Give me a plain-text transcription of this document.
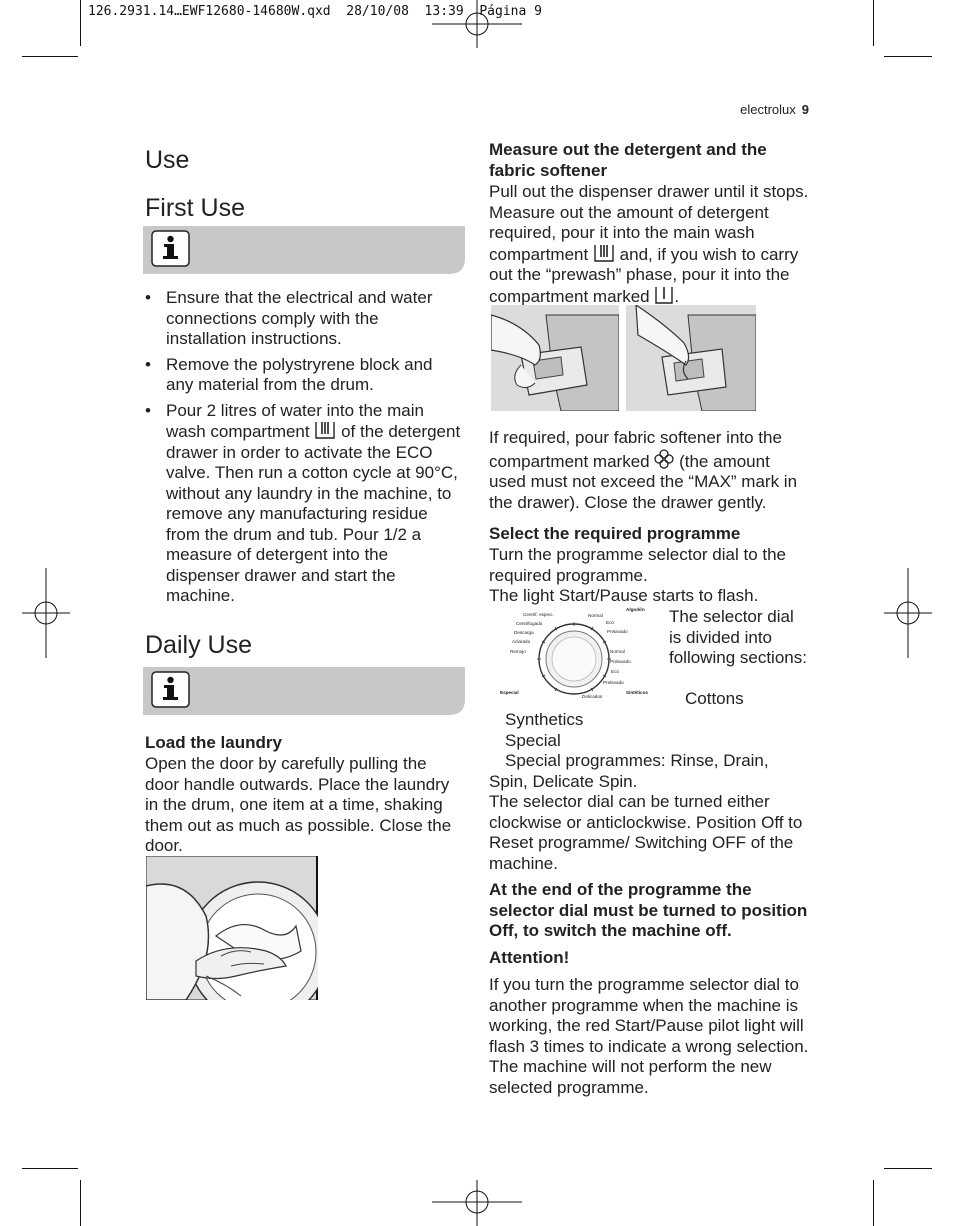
126.2931.14…EWF12680-14680W.qxd  28/10/08  13:39  Página 9
electrolux 9
Use
First Use
• Ensure that the electrical and water connections comply with the installation instructions.
• Remove the polystryrene block and any material from the drum.
• Pour 2 litres of water into the main wash compartment of the detergent drawer in order to activate the ECO valve. Then run a cotton cycle at 90°C, without any laundry in the machine, to remove any manufacturing residue from the drum and tub. Pour 1/2 a measure of detergent into the dispenser drawer and start the machine.
Daily Use
Load the laundry
Open the door by carefully pulling the door handle outwards. Place the laundry in the drum, one item at a time, shaking them out as much as possible. Close the door.
Measure out the detergent and the fabric softener
Pull out the dispenser drawer until it stops. Measure out the amount of detergent required, pour it into the main wash compartment and, if you wish to carry out the “prewash” phase, pour it into the compartment marked .
If required, pour fabric softener into the compartment marked (the amount used must not exceed the “MAX” mark in the drawer). Close the drawer gently.
Select the required programme
Turn the programme selector dial to the required programme.
The light Start/Pause starts to flash.
Centrif. especi.
Centrifugado
Descarga
Aclarado
Remojo
Especial
Algodón
Normal
Eco
Prelavado
Normal
Prelavado
Eco
Prelavado
Sintéticos
Delicados
The selector dial is divided into following sections:
Cottons
Synthetics
Special
Special programmes: Rinse, Drain, Spin, Delicate Spin.
The selector dial can be turned either clockwise or anticlockwise. Position Off to Reset programme/ Switching OFF of the machine.
At the end of the programme the selector dial must be turned to position Off, to switch the machine off.
Attention!
If you turn the programme selector dial to another programme when the machine is working, the red Start/Pause pilot light will flash 3 times to indicate a wrong selection. The machine will not perform the new selected programme.
